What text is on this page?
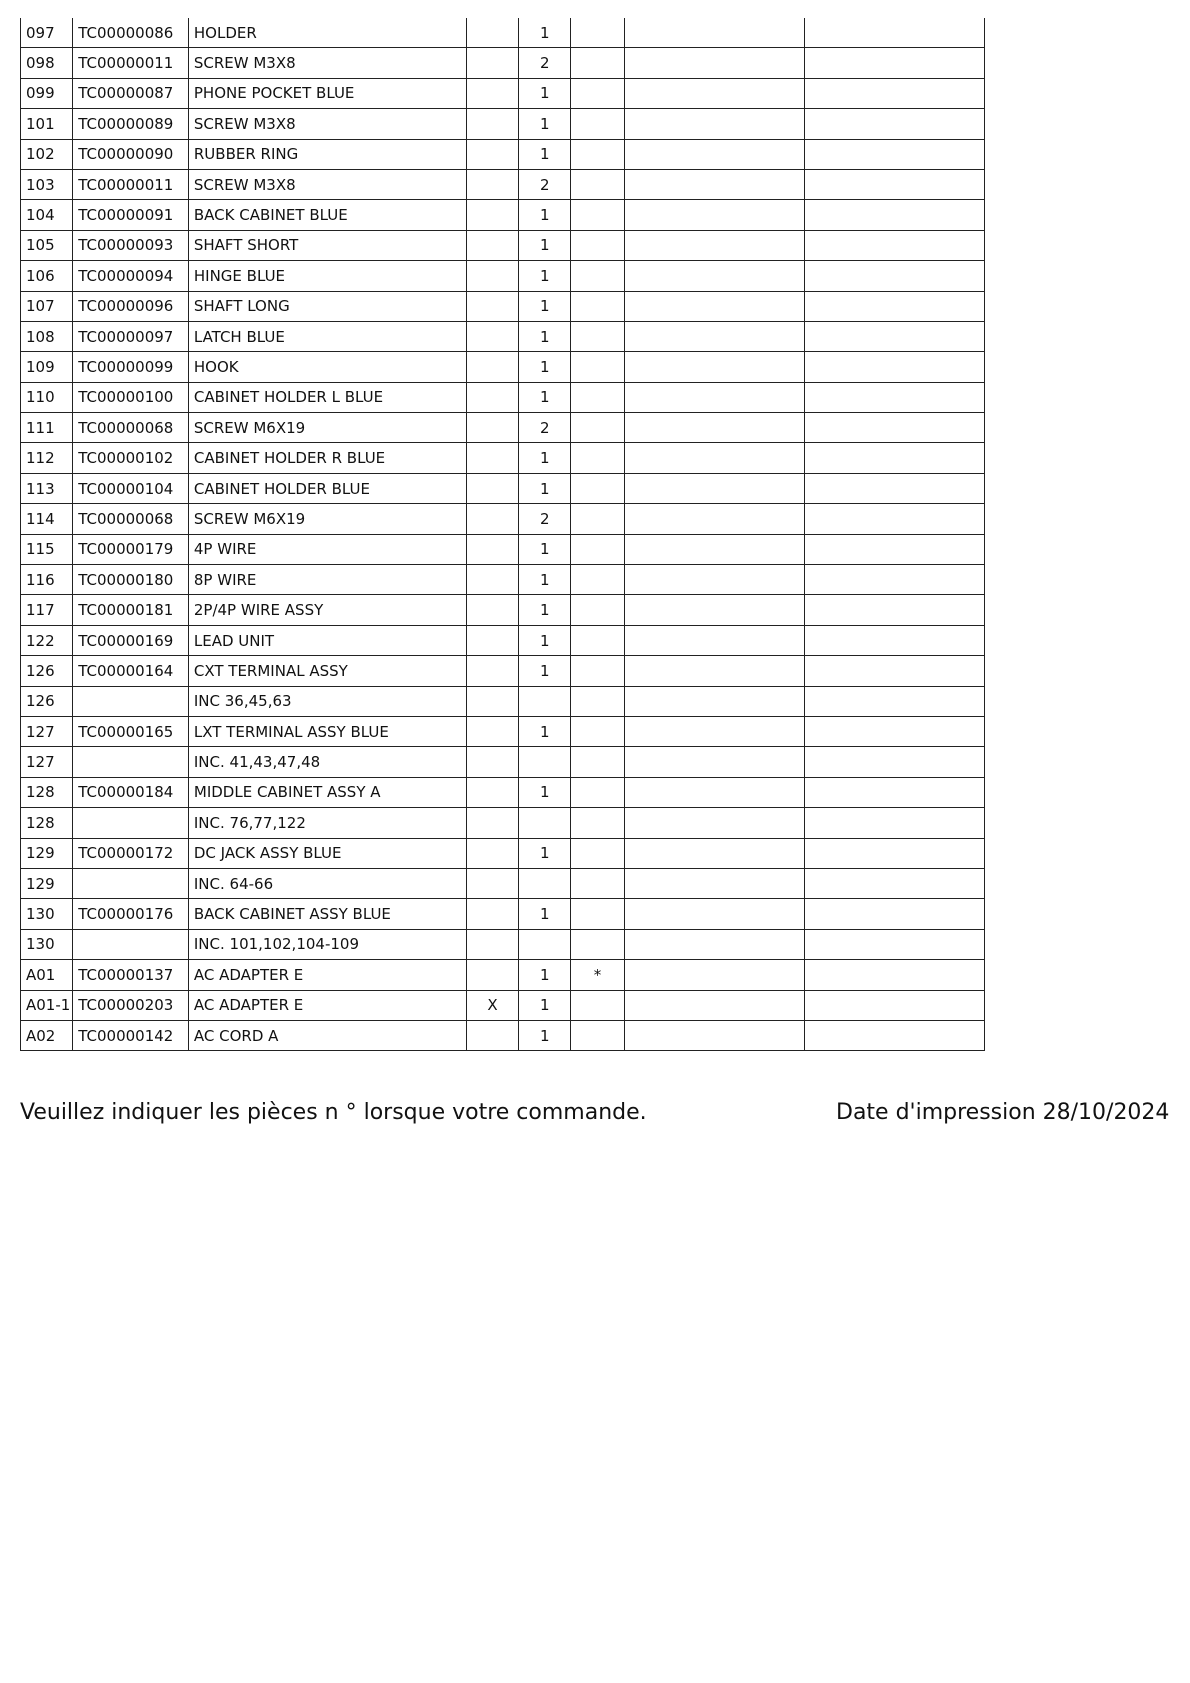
097	TC00000086	HOLDER		1			
098	TC00000011	SCREW M3X8		2			
099	TC00000087	PHONE POCKET BLUE		1			
101	TC00000089	SCREW M3X8		1			
102	TC00000090	RUBBER RING		1			
103	TC00000011	SCREW M3X8		2			
104	TC00000091	BACK CABINET BLUE		1			
105	TC00000093	SHAFT SHORT		1			
106	TC00000094	HINGE BLUE		1			
107	TC00000096	SHAFT LONG		1			
108	TC00000097	LATCH BLUE		1			
109	TC00000099	HOOK		1			
110	TC00000100	CABINET HOLDER L BLUE		1			
111	TC00000068	SCREW M6X19		2			
112	TC00000102	CABINET HOLDER R BLUE		1			
113	TC00000104	CABINET HOLDER BLUE		1			
114	TC00000068	SCREW M6X19		2			
115	TC00000179	4P WIRE		1			
116	TC00000180	8P WIRE		1			
117	TC00000181	2P/4P WIRE ASSY		1			
122	TC00000169	LEAD UNIT		1			
126	TC00000164	CXT TERMINAL ASSY		1			
126		INC 36,45,63					
127	TC00000165	LXT TERMINAL ASSY BLUE		1			
127		INC. 41,43,47,48					
128	TC00000184	MIDDLE CABINET ASSY A		1			
128		INC. 76,77,122					
129	TC00000172	DC JACK ASSY BLUE		1			
129		INC. 64-66					
130	TC00000176	BACK CABINET ASSY BLUE		1			
130		INC. 101,102,104-109					
A01	TC00000137	AC ADAPTER E		1	*		
A01-1	TC00000203	AC ADAPTER E	X	1			
A02	TC00000142	AC CORD A		1			
Veuillez indiquer les pièces n ° lorsque votre commande.	Date d'impression 28/10/2024
